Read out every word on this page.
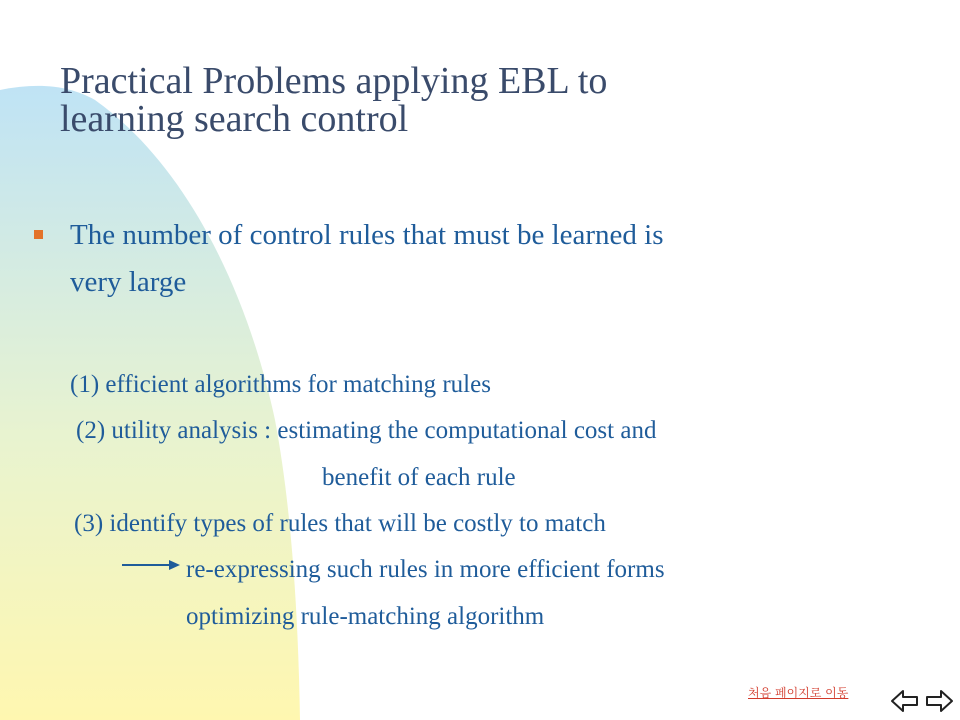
Practical Problems applying EBL to
learning search control
The number of control rules that must be learned is
very large
(1) efficient algorithms for matching rules
(2) utility analysis : estimating the computational cost and
benefit of each rule
(3) identify types of rules that will be costly to match
re-expressing such rules in more efficient forms
optimizing rule-matching algorithm
처음 페이지로 이동
